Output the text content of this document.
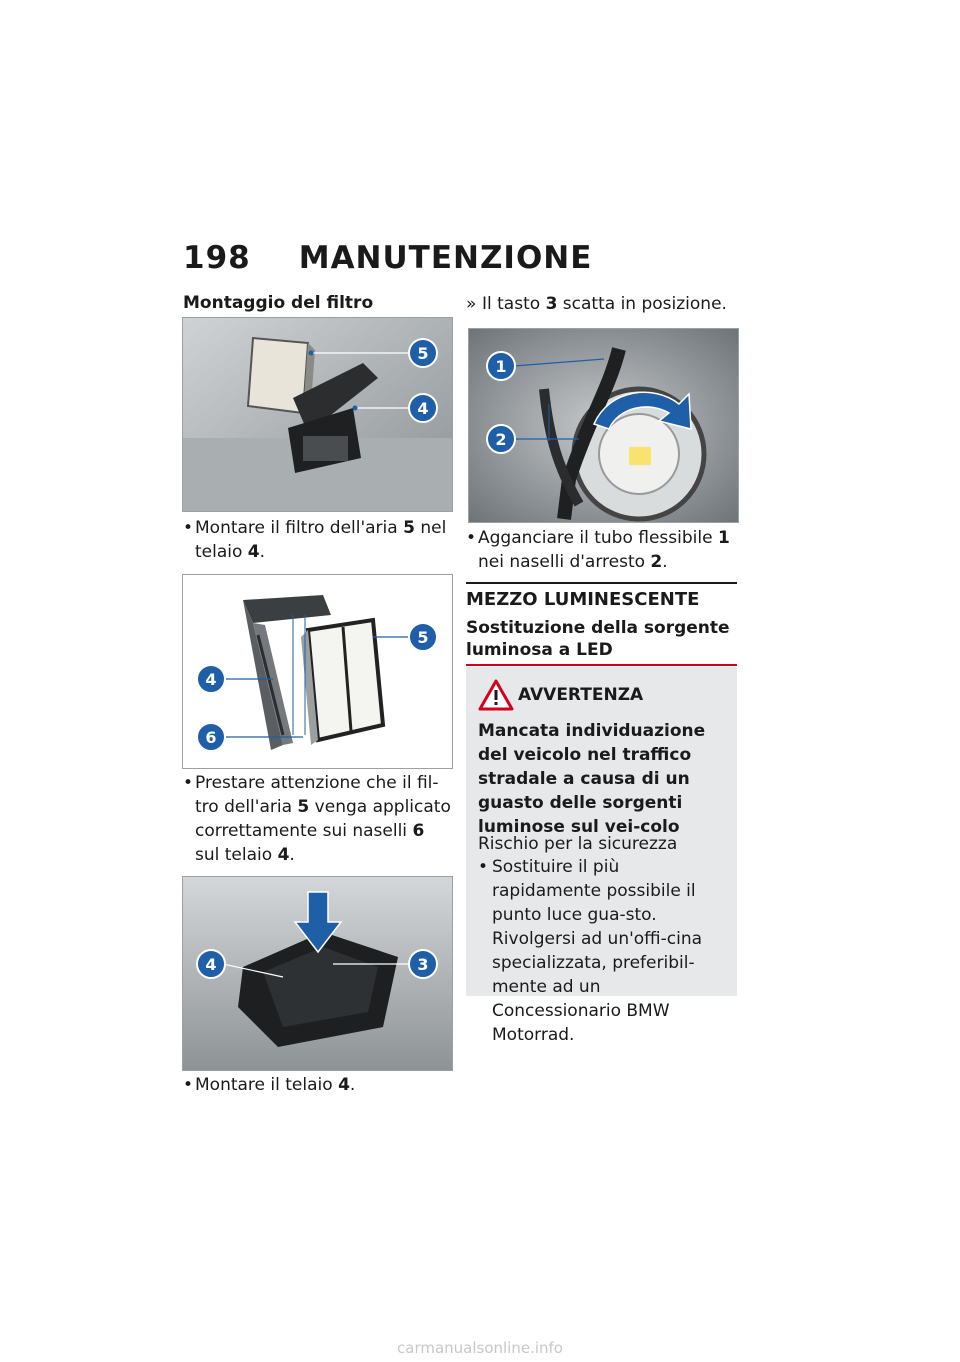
198 MANUTENZIONE
Montaggio del filtro
5
4
• Montare il filtro dell'aria 5 nel telaio 4.
5
4
6
• Prestare attenzione che il fil-tro dell'aria 5 venga applicato correttamente sui naselli 6 sul telaio 4.
4	3
• Montare il telaio 4.
» Il tasto 3 scatta in posizione.
1
2
• Agganciare il tubo flessibile 1 nei naselli d'arresto 2.
MEZZO LUMINESCENTE
Sostituzione della sorgente luminosa a LED
AVVERTENZA
Mancata individuazione del veicolo nel traffico stradale a causa di un guasto delle sorgenti luminose sul vei-colo
Rischio per la sicurezza
• Sostituire il più rapidamente possibile il punto luce gua-sto. Rivolgersi ad un'offi-cina specializzata, preferibil-mente ad un Concessionario BMW Motorrad.
carmanualsonline.info
